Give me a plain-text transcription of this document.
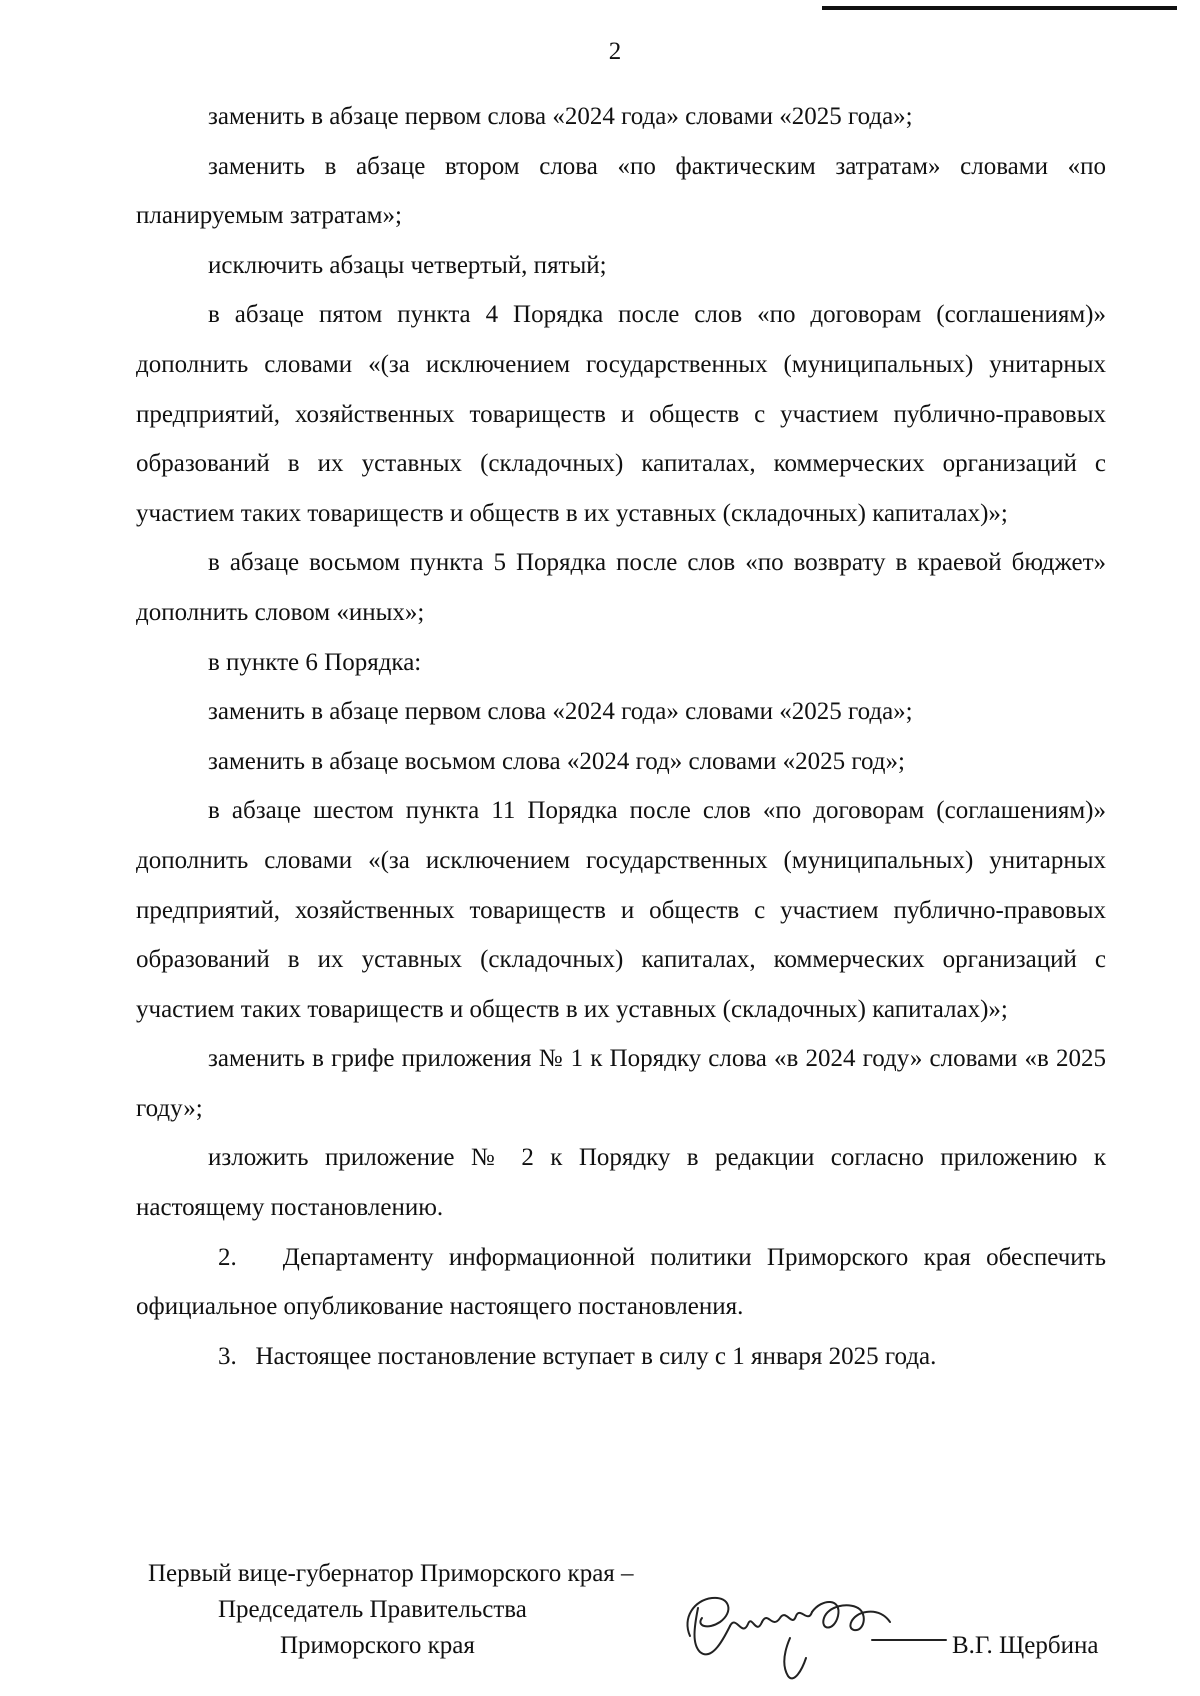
2

заменить в абзаце первом слова «2024 года» словами «2025 года»;

заменить в абзаце втором слова «по фактическим затратам» словами «по планируемым затратам»;

исключить абзацы четвертый, пятый;

в абзаце пятом пункта 4 Порядка после слов «по договорам (соглашениям)» дополнить словами «(за исключением государственных (муниципальных) унитарных предприятий, хозяйственных товариществ и обществ с участием публично-правовых образований в их уставных (складочных) капиталах, коммерческих организаций с участием таких товариществ и обществ в их уставных (складочных) капиталах)»;

в абзаце восьмом пункта 5 Порядка после слов «по возврату в краевой бюджет» дополнить словом «иных»;

в пункте 6 Порядка:

заменить в абзаце первом слова «2024 года» словами «2025 года»;

заменить в абзаце восьмом слова «2024 год» словами «2025 год»;

в абзаце шестом пункта 11 Порядка после слов «по договорам (соглашениям)» дополнить словами «(за исключением государственных (муниципальных) унитарных предприятий, хозяйственных товариществ и обществ с участием публично-правовых образований в их уставных (складочных) капиталах, коммерческих организаций с участием таких товариществ и обществ в их уставных (складочных) капиталах)»;

заменить в грифе приложения № 1 к Порядку слова «в 2024 году» словами «в 2025 году»;

изложить приложение № 2 к Порядку в редакции согласно приложению к настоящему постановлению.

2.   Департаменту информационной политики Приморского края обеспечить официальное опубликование настоящего постановления.

3.   Настоящее постановление вступает в силу с 1 января 2025 года.

Первый вице-губернатор Приморского края –
Председатель Правительства
Приморского края	В.Г. Щербина
